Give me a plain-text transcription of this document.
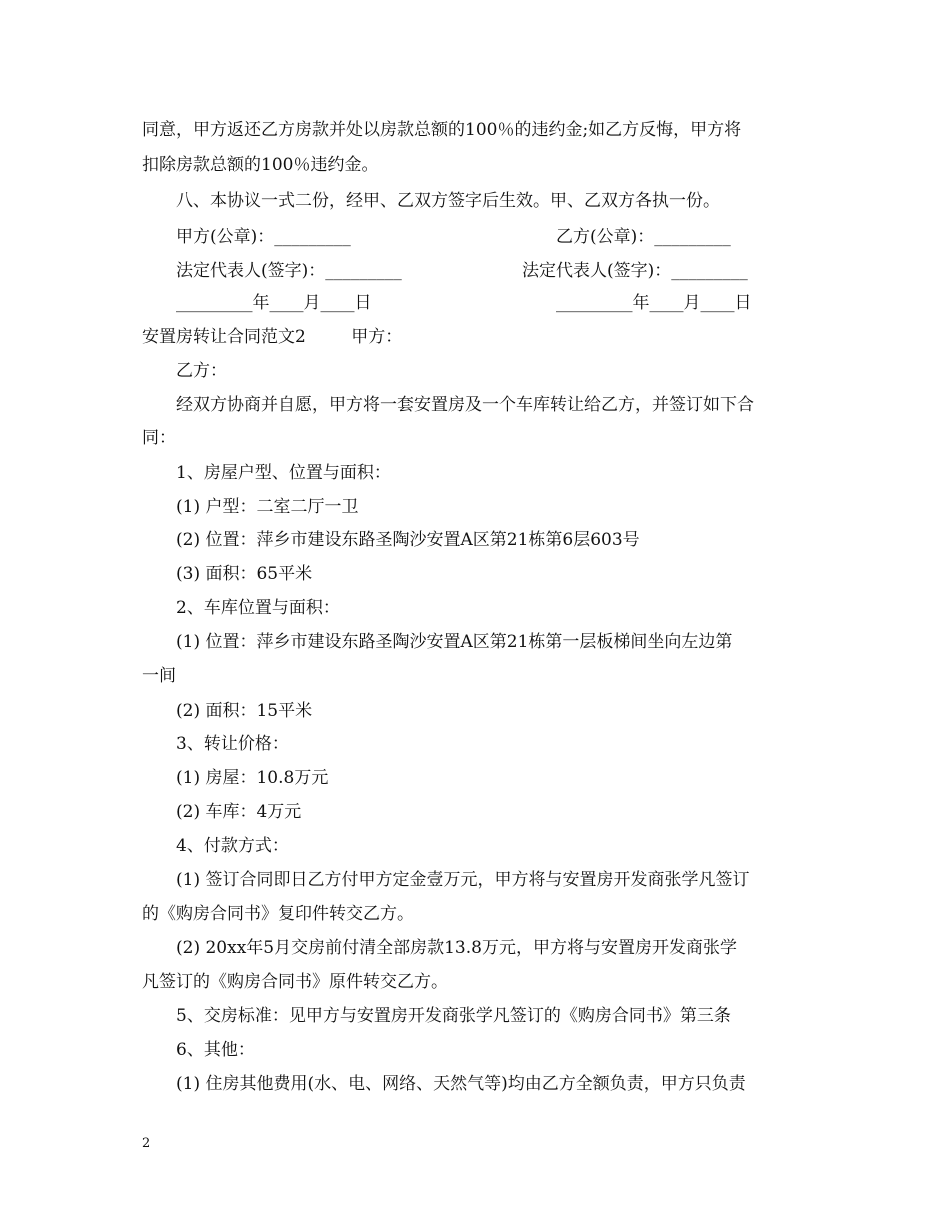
同意，甲方返还乙方房款并处以房款总额的100％的违约金;如乙方反悔，甲方将
扣除房款总额的100％违约金。
八、本协议一式二份，经甲、乙双方签字后生效。甲、乙双方各执一份。
甲方(公章)：_________	乙方(公章)：_________
法定代表人(签字)：_________	法定代表人(签字)：_________
_________年____月____日	_________年____月____日
安置房转让合同范文2	甲方：
乙方：
经双方协商并自愿，甲方将一套安置房及一个车库转让给乙方，并签订如下合
同：
1、房屋户型、位置与面积：
(1) 户型：二室二厅一卫
(2) 位置：萍乡市建设东路圣陶沙安置A区第21栋第6层603号
(3) 面积：65平米
2、车库位置与面积：
(1) 位置：萍乡市建设东路圣陶沙安置A区第21栋第一层板梯间坐向左边第
一间
(2) 面积：15平米
3、转让价格：
(1) 房屋：10.8万元
(2) 车库：4万元
4、付款方式：
(1) 签订合同即日乙方付甲方定金壹万元，甲方将与安置房开发商张学凡签订
的《购房合同书》复印件转交乙方。
(2) 20xx年5月交房前付清全部房款13.8万元，甲方将与安置房开发商张学
凡签订的《购房合同书》原件转交乙方。
5、交房标准：见甲方与安置房开发商张学凡签订的《购房合同书》第三条
6、其他：
(1) 住房其他费用(水、电、网络、天然气等)均由乙方全额负责，甲方只负责
2
